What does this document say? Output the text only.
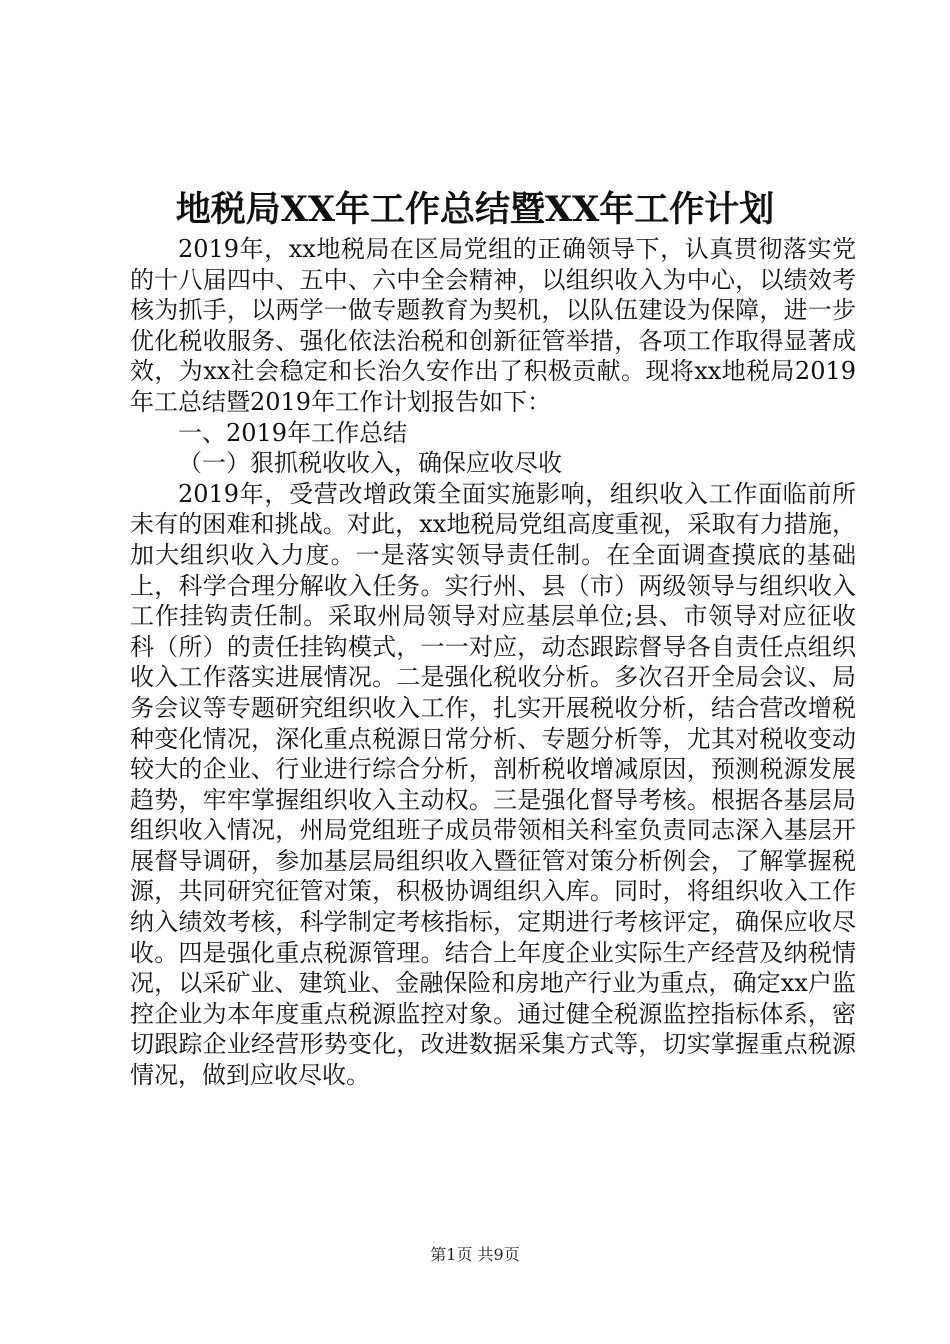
地税局XX年工作总结暨XX年工作计划

2019年，xx地税局在区局党组的正确领导下，认真贯彻落实党的十八届四中、五中、六中全会精神，以组织收入为中心，以绩效考核为抓手，以两学一做专题教育为契机，以队伍建设为保障，进一步优化税收服务、强化依法治税和创新征管举措，各项工作取得显著成效，为xx社会稳定和长治久安作出了积极贡献。现将xx地税局2019年工总结暨2019年工作计划报告如下：

一、2019年工作总结

（一）狠抓税收收入，确保应收尽收

2019年，受营改增政策全面实施影响，组织收入工作面临前所未有的困难和挑战。对此，xx地税局党组高度重视，采取有力措施，加大组织收入力度。一是落实领导责任制。在全面调查摸底的基础上，科学合理分解收入任务。实行州、县（市）两级领导与组织收入工作挂钩责任制。采取州局领导对应基层单位;县、市领导对应征收科（所）的责任挂钩模式，一一对应，动态跟踪督导各自责任点组织收入工作落实进展情况。二是强化税收分析。多次召开全局会议、局务会议等专题研究组织收入工作，扎实开展税收分析，结合营改增税种变化情况，深化重点税源日常分析、专题分析等，尤其对税收变动较大的企业、行业进行综合分析，剖析税收增减原因，预测税源发展趋势，牢牢掌握组织收入主动权。三是强化督导考核。根据各基层局组织收入情况，州局党组班子成员带领相关科室负责同志深入基层开展督导调研，参加基层局组织收入暨征管对策分析例会，了解掌握税源，共同研究征管对策，积极协调组织入库。同时，将组织收入工作纳入绩效考核，科学制定考核指标，定期进行考核评定，确保应收尽收。四是强化重点税源管理。结合上年度企业实际生产经营及纳税情况，以采矿业、建筑业、金融保险和房地产行业为重点，确定xx户监控企业为本年度重点税源监控对象。通过健全税源监控指标体系，密切跟踪企业经营形势变化，改进数据采集方式等，切实掌握重点税源情况，做到应收尽收。

第1页 共9页
